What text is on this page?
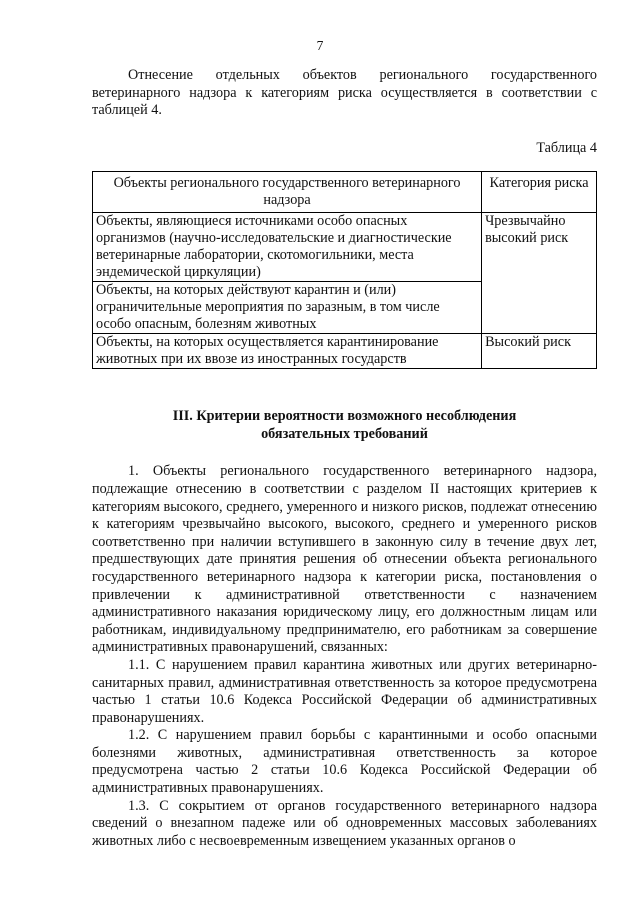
7

Отнесение отдельных объектов регионального государственного ветеринарного надзора к категориям риска осуществляется в соответствии с таблицей 4.

Таблица 4

Объекты регионального государственного ветеринарного надзора	Категория риска
Объекты, являющиеся источниками особо опасных организмов (научно-исследовательские и диагностические ветеринарные лаборатории, скотомогильники, места эндемической циркуляции)	Чрезвычайно высокий риск
Объекты, на которых действуют карантин и (или) ограничительные мероприятия по заразным, в том числе особо опасным, болезням животных	
Объекты, на которых осуществляется карантинирование животных при их ввозе из иностранных государств	Высокий риск
III. Критерии вероятности возможного несоблюдения
обязательных требований

1. Объекты регионального государственного ветеринарного надзора, подлежащие отнесению в соответствии с разделом II настоящих критериев к категориям высокого, среднего, умеренного и низкого рисков, подлежат отнесению к категориям чрезвычайно высокого, высокого, среднего и умеренного рисков соответственно при наличии вступившего в законную силу в течение двух лет, предшествующих дате принятия решения об отнесении объекта регионального государственного ветеринарного надзора к категории риска, постановления о привлечении к административной ответственности с назначением административного наказания юридическому лицу, его должностным лицам или работникам, индивидуальному предпринимателю, его работникам за совершение административных правонарушений, связанных:

1.1. С нарушением правил карантина животных или других ветеринарно-санитарных правил, административная ответственность за которое предусмотрена частью 1 статьи 10.6 Кодекса Российской Федерации об административных правонарушениях.

1.2. С нарушением правил борьбы с карантинными и особо опасными болезнями животных, административная ответственность за которое предусмотрена частью 2 статьи 10.6 Кодекса Российской Федерации об административных правонарушениях.

1.3. С сокрытием от органов государственного ветеринарного надзора сведений о внезапном падеже или об одновременных массовых заболеваниях животных либо с несвоевременным извещением указанных органов о
